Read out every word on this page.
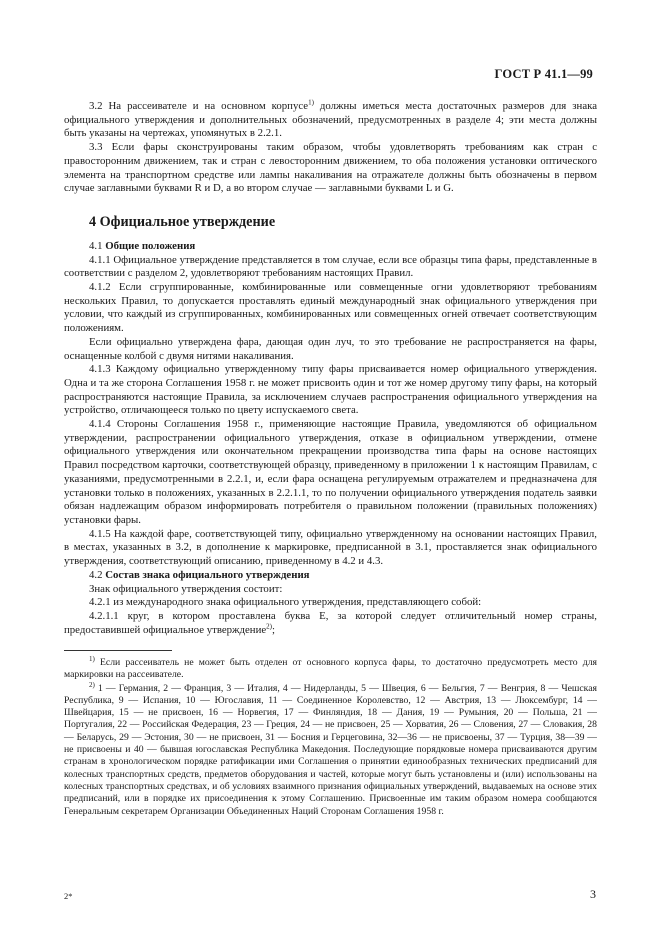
ГОСТ Р 41.1—99

3.2 На рассеивателе и на основном корпусе$^{1)}$ должны иметься места достаточных размеров для знака официального утверждения и дополнительных обозначений, предусмотренных в разделе 4; эти места должны быть указаны на чертежах, упомянутых в 2.2.1.

3.3 Если фары сконструированы таким образом, чтобы удовлетворять требованиям как стран с правосторонним движением, так и стран с левосторонним движением, то оба положения установки оптического элемента на транспортном средстве или лампы накаливания на отражателе должны быть обозначены в первом случае заглавными буквами R и D, а во втором случае — заглавными буквами L и G.

4 Официальное утверждение

4.1 Общие положения

4.1.1 Официальное утверждение представляется в том случае, если все образцы типа фары, представленные в соответствии с разделом 2, удовлетворяют требованиям настоящих Правил.

4.1.2 Если сгруппированные, комбинированные или совмещенные огни удовлетворяют требованиям нескольких Правил, то допускается проставлять единый международный знак официального утверждения при условии, что каждый из сгруппированных, комбинированных или совмещенных огней отвечает соответствующим положениям.

Если официально утверждена фара, дающая один луч, то это требование не распространяется на фары, оснащенные колбой с двумя нитями накаливания.

4.1.3 Каждому официально утвержденному типу фары присваивается номер официального утверждения. Одна и та же сторона Соглашения 1958 г. не может присвоить один и тот же номер другому типу фары, на который распространяются настоящие Правила, за исключением случаев распространения официального утверждения на устройство, отличающееся только по цвету испускаемого света.

4.1.4 Стороны Соглашения 1958 г., применяющие настоящие Правила, уведомляются об официальном утверждении, распространении официального утверждения, отказе в официальном утверждении, отмене официального утверждения или окончательном прекращении производства типа фары на основе настоящих Правил посредством карточки, соответствующей образцу, приведенному в приложении 1 к настоящим Правилам, с указаниями, предусмотренными в 2.2.1, и, если фара оснащена регулируемым отражателем и предназначена для установки только в положениях, указанных в 2.2.1.1, то по получении официального утверждения податель заявки обязан надлежащим образом информировать потребителя о правильном положении (правильных положениях) установки фары.

4.1.5 На каждой фаре, соответствующей типу, официально утвержденному на основании настоящих Правил, в местах, указанных в 3.2, в дополнение к маркировке, предписанной в 3.1, проставляется знак официального утверждения, соответствующий описанию, приведенному в 4.2 и 4.3.

4.2 Состав знака официального утверждения

Знак официального утверждения состоит:

4.2.1 из международного знака официального утверждения, представляющего собой:

4.2.1.1 круг, в котором проставлена буква Е, за которой следует отличительный номер страны, предоставившей официальное утверждение$^{2)}$;

$^{1)}$ Если рассеиватель не может быть отделен от основного корпуса фары, то достаточно предусмотреть место для маркировки на рассеивателе.

$^{2)}$ 1 — Германия, 2 — Франция, 3 — Италия, 4 — Нидерланды, 5 — Швеция, 6 — Бельгия, 7 — Венгрия, 8 — Чешская Республика, 9 — Испания, 10 — Югославия, 11 — Соединенное Королевство, 12 — Австрия, 13 — Люксембург, 14 — Швейцария, 15 — не присвоен, 16 — Норвегия, 17 — Финляндия, 18 — Дания, 19 — Румыния, 20 — Польша, 21 — Португалия, 22 — Российская Федерация, 23 — Греция, 24 — не присвоен, 25 — Хорватия, 26 — Словения, 27 — Словакия, 28 — Беларусь, 29 — Эстония, 30 — не присвоен, 31 — Босния и Герцеговина, 32—36 — не присвоены, 37 — Турция, 38—39 — не присвоены и 40 — бывшая югославская Республика Македония. Последующие порядковые номера присваиваются другим странам в хронологическом порядке ратификации ими Соглашения о принятии единообразных технических предписаний для колесных транспортных средств, предметов оборудования и частей, которые могут быть установлены и (или) использованы на колесных транспортных средствах, и об условиях взаимного признания официальных утверждений, выдаваемых на основе этих предписаний, или в порядке их присоединения к этому Соглашению. Присвоенные им таким образом номера сообщаются Генеральным секретарем Организации Объединенных Наций Сторонам Соглашения 1958 г.

2*	3
